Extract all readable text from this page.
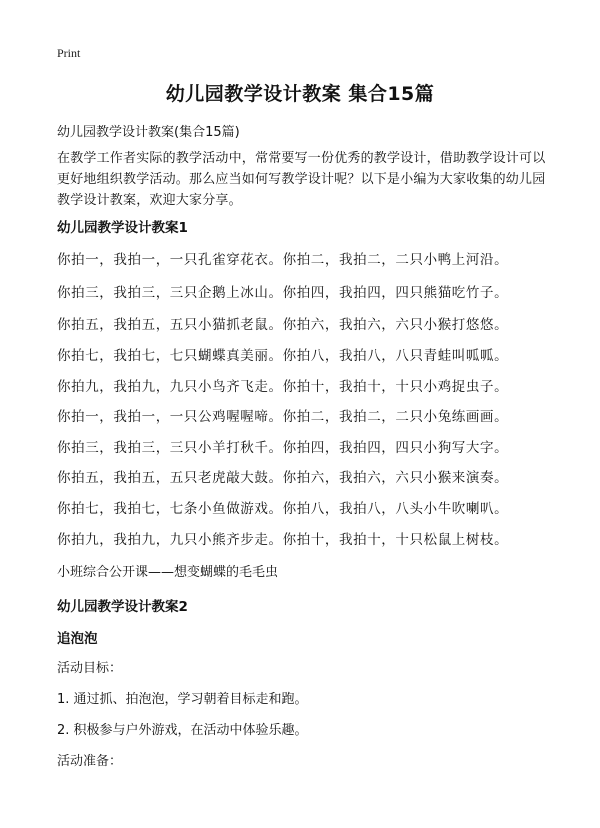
Print
幼儿园教学设计教案 集合15篇
幼儿园教学设计教案(集合15篇)
在教学工作者实际的教学活动中，常常要写一份优秀的教学设计，借助教学设计可以更好地组织教学活动。那么应当如何写教学设计呢？以下是小编为大家收集的幼儿园教学设计教案，欢迎大家分享。
幼儿园教学设计教案1
你拍一，我拍一，一只孔雀穿花衣。你拍二，我拍二，二只小鸭上河沿。
你拍三，我拍三，三只企鹅上冰山。你拍四，我拍四，四只熊猫吃竹子。
你拍五，我拍五，五只小猫抓老鼠。你拍六，我拍六，六只小猴打悠悠。
你拍七，我拍七，七只蝴蝶真美丽。你拍八，我拍八，八只青蛙叫呱呱。
你拍九，我拍九，九只小鸟齐飞走。你拍十，我拍十，十只小鸡捉虫子。
你拍一，我拍一，一只公鸡喔喔啼。你拍二，我拍二，二只小兔练画画。
你拍三，我拍三，三只小羊打秋千。你拍四，我拍四，四只小狗写大字。
你拍五，我拍五，五只老虎敲大鼓。你拍六，我拍六，六只小猴来演奏。
你拍七，我拍七，七条小鱼做游戏。你拍八，我拍八，八头小牛吹喇叭。
你拍九，我拍九，九只小熊齐步走。你拍十，我拍十，十只松鼠上树枝。
小班综合公开课——想变蝴蝶的毛毛虫
幼儿园教学设计教案2
追泡泡
活动目标：
1. 通过抓、拍泡泡，学习朝着目标走和跑。
2. 积极参与户外游戏，在活动中体验乐趣。
活动准备：
